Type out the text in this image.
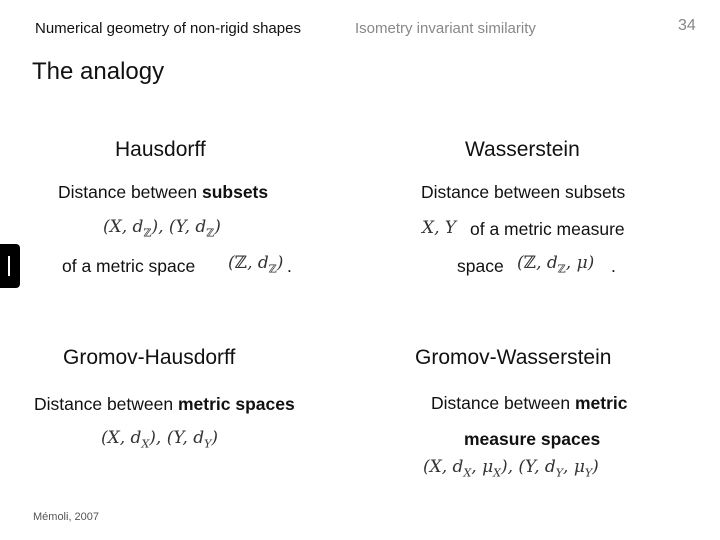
Numerical geometry of non-rigid shapes	Isometry invariant similarity	34
The analogy
Hausdorff
Distance between subsets
(X, $d_ℤ$), (Y, $d_ℤ$)
of a metric space (ℤ, $d_ℤ$) .
Wasserstein
Distance between subsets
X, Y of a metric measure
space (ℤ, $d_ℤ$, μ) .
Gromov-Hausdorff
Distance between metric spaces
(X, $d_X$), (Y, $d_Y$)
Gromov-Wasserstein
Distance between metric
measure spaces
(X, $d_X$, $\mu_X$), (Y, $d_Y$, $\mu_Y$)
Mémoli, 2007
